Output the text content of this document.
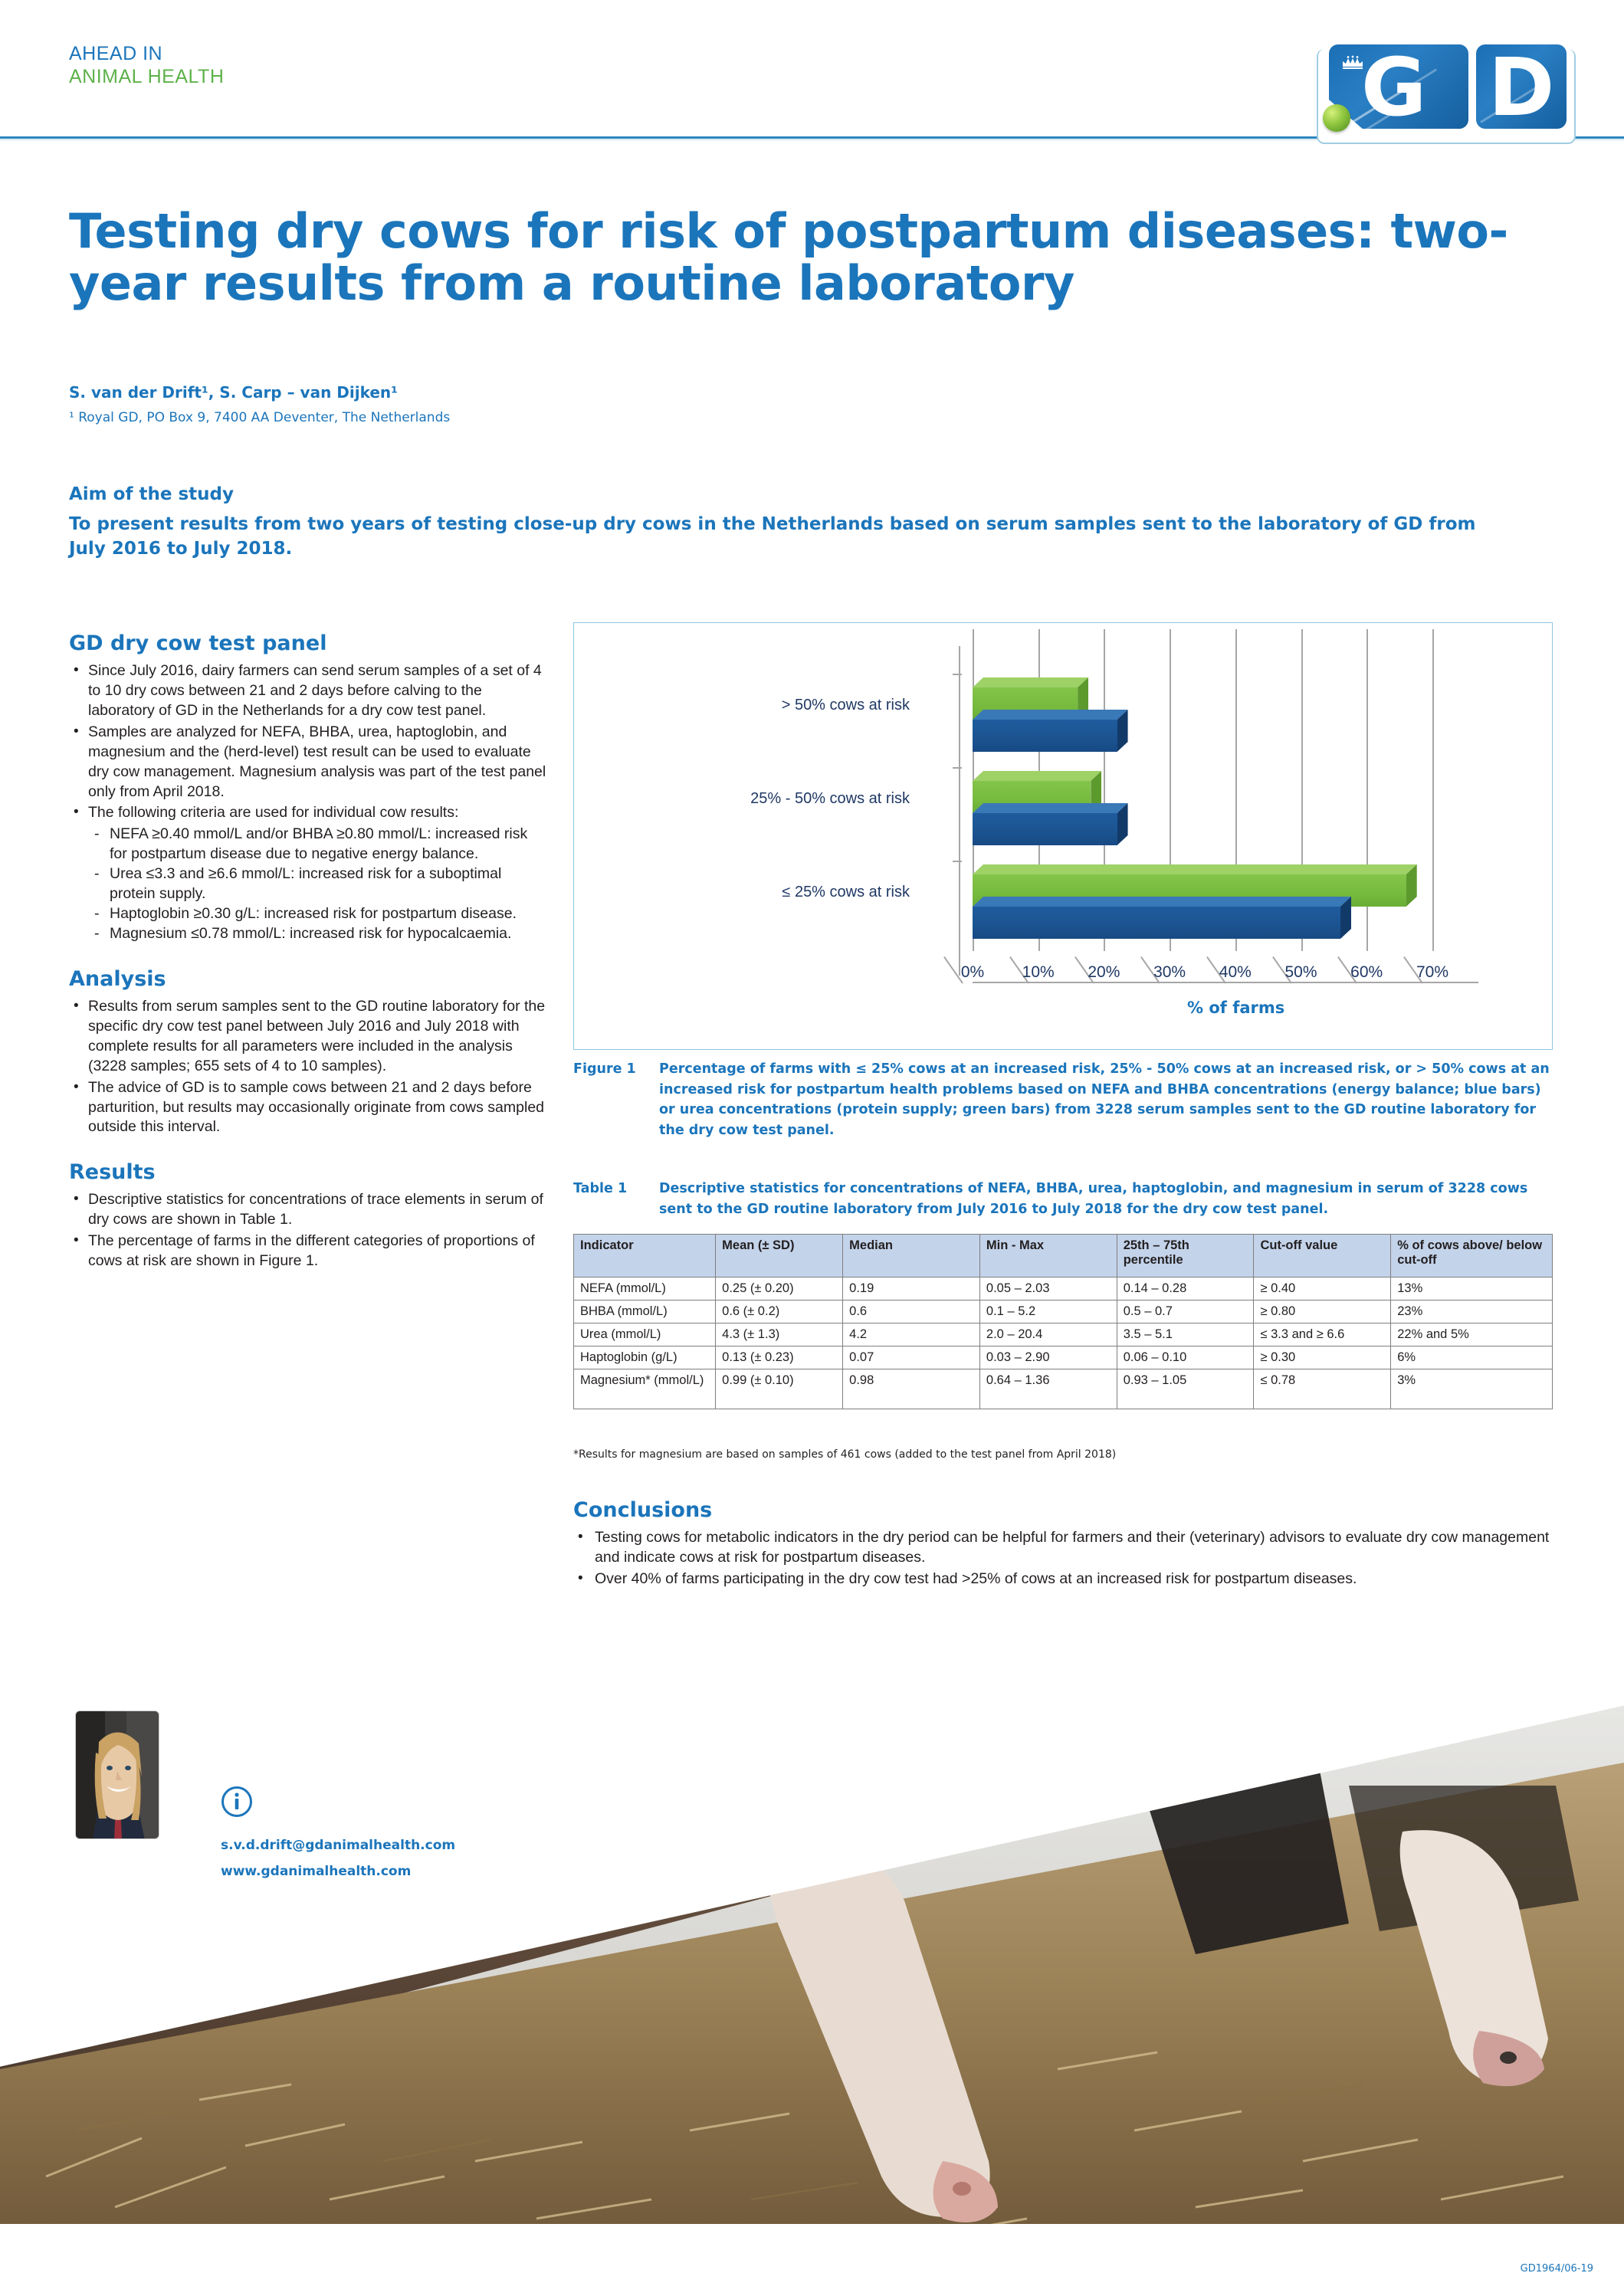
AHEAD IN
ANIMAL HEALTH	G D
Testing dry cows for risk of postpartum diseases: two-year results from a routine laboratory
S. van der Drift¹, S. Carp – van Dijken¹
¹ Royal GD, PO Box 9, 7400 AA Deventer, The Netherlands
Aim of the study
To present results from two years of testing close-up dry cows in the Netherlands based on serum samples sent to the laboratory of GD from July 2016 to July 2018.
GD dry cow test panel
• Since July 2016, dairy farmers can send serum samples of a set of 4 to 10 dry cows between 21 and 2 days before calving to the laboratory of GD in the Netherlands for a dry cow test panel.
• Samples are analyzed for NEFA, BHBA, urea, haptoglobin, and magnesium and the (herd-level) test result can be used to evaluate dry cow management. Magnesium analysis was part of the test panel only from April 2018.
• The following criteria are used for individual cow results:
- NEFA ≥0.40 mmol/L and/or BHBA ≥0.80 mmol/L: increased risk for postpartum disease due to negative energy balance.
- Urea ≤3.3 and ≥6.6 mmol/L: increased risk for a suboptimal protein supply.
- Haptoglobin ≥0.30 g/L: increased risk for postpartum disease.
- Magnesium ≤0.78 mmol/L: increased risk for hypocalcaemia.
Analysis
• Results from serum samples sent to the GD routine laboratory for the specific dry cow test panel between July 2016 and July 2018 with complete results for all parameters were included in the analysis (3228 samples; 655 sets of 4 to 10 samples).
• The advice of GD is to sample cows between 21 and 2 days before parturition, but results may occasionally originate from cows sampled outside this interval.
Results
• Descriptive statistics for concentrations of trace elements in serum of dry cows are shown in Table 1.
• The percentage of farms in the different categories of proportions of cows at risk are shown in Figure 1.
> 50% cows at risk
25% - 50% cows at risk
≤ 25% cows at risk
0% 10% 20% 30% 40% 50% 60% 70%
% of farms
Figure 1 Percentage of farms with ≤ 25% cows at an increased risk, 25% - 50% cows at an increased risk, or > 50% cows at an increased risk for postpartum health problems based on NEFA and BHBA concentrations (energy balance; blue bars) or urea concentrations (protein supply; green bars) from 3228 serum samples sent to the GD routine laboratory for the dry cow test panel.
Table 1 Descriptive statistics for concentrations of NEFA, BHBA, urea, haptoglobin, and magnesium in serum of 3228 cows sent to the GD routine laboratory from July 2016 to July 2018 for the dry cow test panel.
Indicator	Mean (± SD)	Median	Min - Max	25th – 75th percentile	Cut-off value	% of cows above/ below cut-off
NEFA (mmol/L)	0.25 (± 0.20)	0.19	0.05 – 2.03	0.14 – 0.28	≥ 0.40	13%
BHBA (mmol/L)	0.6 (± 0.2)	0.6	0.1 – 5.2	0.5 – 0.7	≥ 0.80	23%
Urea (mmol/L)	4.3 (± 1.3)	4.2	2.0 – 20.4	3.5 – 5.1	≤ 3.3 and ≥ 6.6	22% and 5%
Haptoglobin (g/L)	0.13 (± 0.23)	0.07	0.03 – 2.90	0.06 – 0.10	≥ 0.30	6%
Magnesium* (mmol/L)	0.99 (± 0.10)	0.98	0.64 – 1.36	0.93 – 1.05	≤ 0.78	3%
*Results for magnesium are based on samples of 461 cows (added to the test panel from April 2018)
Conclusions
• Testing cows for metabolic indicators in the dry period can be helpful for farmers and their (veterinary) advisors to evaluate dry cow management and indicate cows at risk for postpartum diseases.
• Over 40% of farms participating in the dry cow test had >25% of cows at an increased risk for postpartum diseases.
s.v.d.drift@gdanimalhealth.com
www.gdanimalhealth.com
GD1964/06-19
